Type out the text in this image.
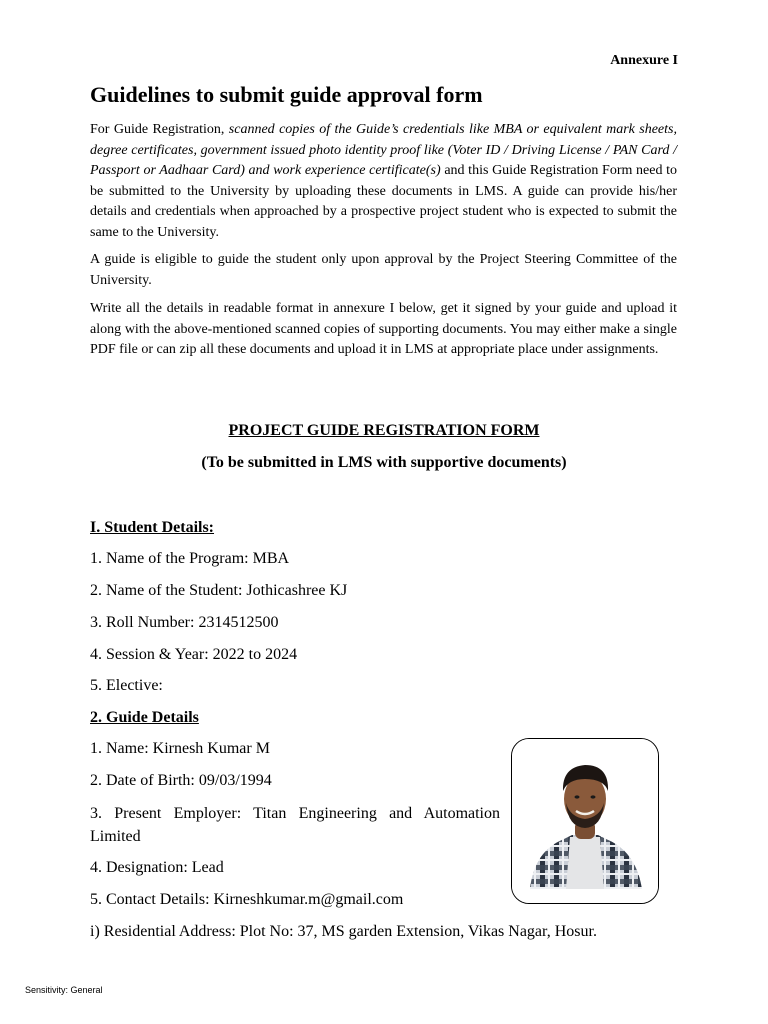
Annexure I
Guidelines to submit guide approval form

For Guide Registration, scanned copies of the Guide’s credentials like MBA or equivalent mark sheets, degree certificates, government issued photo identity proof like (Voter ID / Driving License / PAN Card / Passport or Aadhaar Card) and work experience certificate(s) and this Guide Registration Form need to be submitted to the University by uploading these documents in LMS. A guide can provide his/her details and credentials when approached by a prospective project student who is expected to submit the same to the University.

A guide is eligible to guide the student only upon approval by the Project Steering Committee of the University.

Write all the details in readable format in annexure I below, get it signed by your guide and upload it along with the above-mentioned scanned copies of supporting documents. You may either make a single PDF file or can zip all these documents and upload it in LMS at appropriate place under assignments.

PROJECT GUIDE REGISTRATION FORM
(To be submitted in LMS with supportive documents)
I. Student Details:
1. Name of the Program: MBA
2. Name of the Student: Jothicashree KJ
3. Roll Number: 2314512500
4. Session & Year: 2022 to 2024
5. Elective:
2. Guide Details
1. Name: Kirnesh Kumar M
2. Date of Birth: 09/03/1994
3. Present Employer: Titan Engineering and Automation Limited
4. Designation: Lead
5. Contact Details: Kirneshkumar.m@gmail.com
i) Residential Address: Plot No: 37, MS garden Extension, Vikas Nagar, Hosur.
Sensitivity: General
